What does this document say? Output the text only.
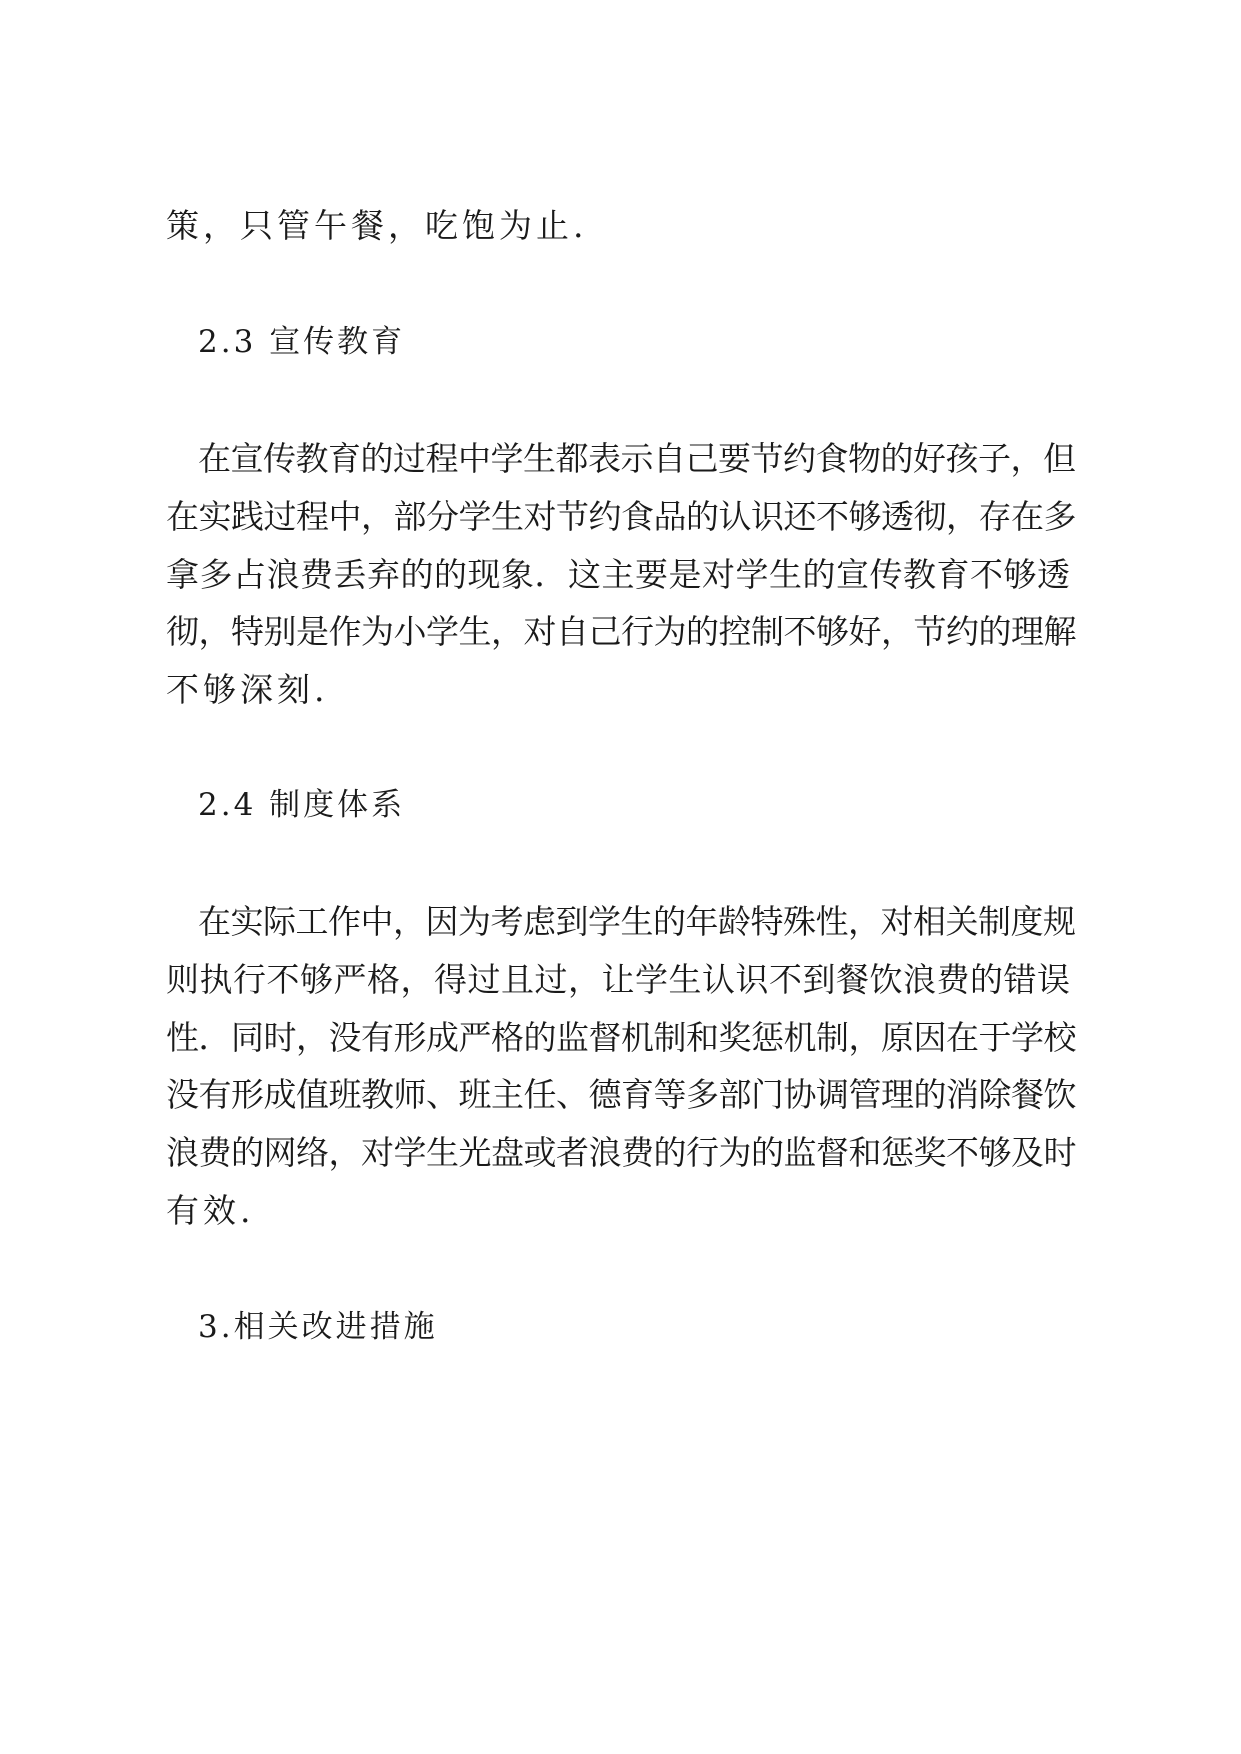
策，只管午餐，吃饱为止.
2.3 宣传教育
在宣传教育的过程中学生都表示自己要节约食物的好孩子，但
在实践过程中，部分学生对节约食品的认识还不够透彻，存在多
拿多占浪费丢弃的的现象．这主要是对学生的宣传教育不够透
彻，特别是作为小学生，对自己行为的控制不够好，节约的理解
不够深刻.
2.4 制度体系
在实际工作中，因为考虑到学生的年龄特殊性，对相关制度规
则执行不够严格，得过且过，让学生认识不到餐饮浪费的错误
性．同时，没有形成严格的监督机制和奖惩机制，原因在于学校
没有形成值班教师、班主任、德育等多部门协调管理的消除餐饮
浪费的网络，对学生光盘或者浪费的行为的监督和惩奖不够及时
有效.
3.相关改进措施
